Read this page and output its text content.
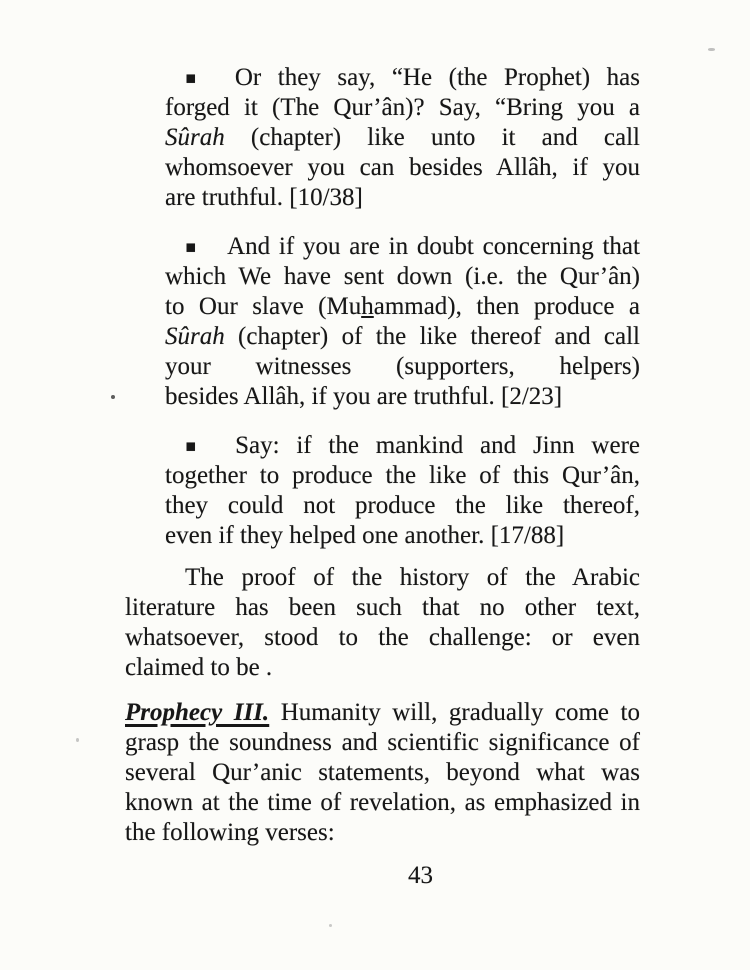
▪ Or they say, “He (the Prophet) has
forged it (The Qur’ân)? Say, “Bring you a
Sûrah (chapter) like unto it and call
whomsoever you can besides Allâh, if you
are truthful. [10/38]
▪ And if you are in doubt concerning that
which We have sent down (i.e. the Qur’ân)
to Our slave (Muhammad), then produce a
Sûrah (chapter) of the like thereof and call
your witnesses (supporters, helpers)
besides Allâh, if you are truthful. [2/23]
▪ Say: if the mankind and Jinn were
together to produce the like of this Qur’ân,
they could not produce the like thereof,
even if they helped one another. [17/88]
The proof of the history of the Arabic
literature has been such that no other text,
whatsoever, stood to the challenge: or even
claimed to be .
Prophecy III. Humanity will, gradually come to
grasp the soundness and scientific significance of
several Qur’anic statements, beyond what was
known at the time of revelation, as emphasized in
the following verses:
43
